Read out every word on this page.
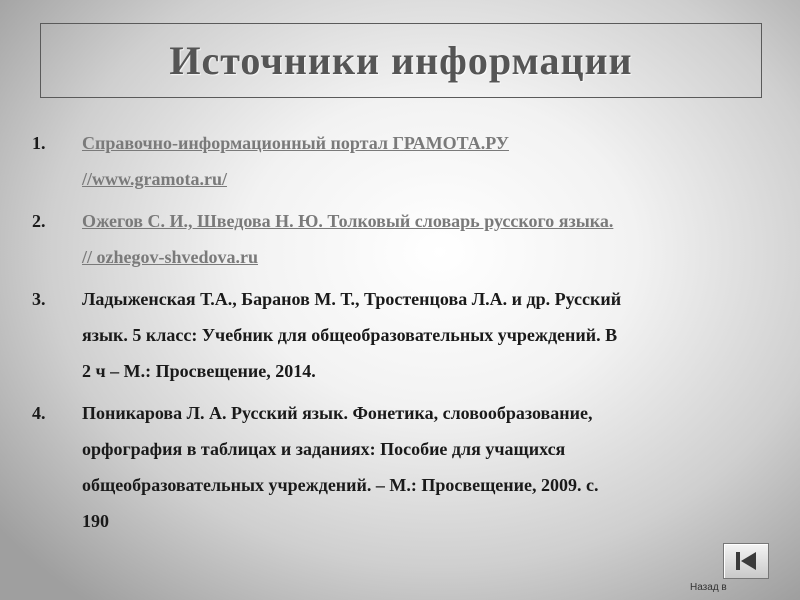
Источники информации
1.	Справочно-информационный портал ГРАМОТА.РУ
//www.gramota.ru/
2.	Ожегов С. И., Шведова Н. Ю. Толковый словарь русского языка.
// ozhegov-shvedova.ru
3.	Ладыженская Т.А., Баранов М. Т., Тростенцова Л.А. и др. Русский
язык. 5 класс: Учебник для общеобразовательных учреждений. В
2 ч – М.: Просвещение, 2014.
4.	Поникарова Л. А. Русский язык. Фонетика, словообразование,
орфография в таблицах и заданиях: Пособие для учащихся
общеобразовательных учреждений. – М.: Просвещение, 2009. с.
190
Назад в
